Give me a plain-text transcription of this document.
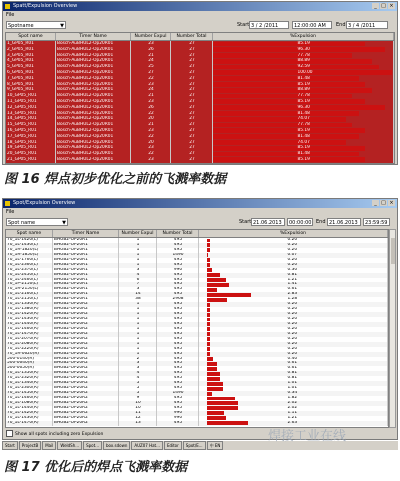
Spatt/Expulsion Overview	_ □ ×
File
Spotname	▼	Start 3 / 2 /2011	12:00:00 AM	End 3 / 4 /2011
Spot name	Timer Name	Number Expul	Number Total	%Expulsion
1_GP05_R01	Bosch-AuBHUL2-Op20R01	23	27	85.19
2_GP05_R01	Bosch-AuBHUL2-Op20R01	26	27	96.30
3_GP05_R01	Bosch-AuBHUL2-Op20R01	21	27	77.78
4_GP05_R01	Bosch-AuBHUL2-Op20R01	24	27	88.89
5_GP05_R01	Bosch-AuBHUL2-Op20R01	25	27	92.59
6_GP05_R01	Bosch-AuBHUL2-Op20R01	27	27	100.00
7_GP05_R01	Bosch-AuBHUL2-Op20R01	22	27	81.48
8_GP05_R01	Bosch-AuBHUL2-Op20R01	23	27	85.19
9_GP05_R01	Bosch-AuBHUL2-Op20R01	24	27	88.89
10_GP05_R01	Bosch-AuBHUL2-Op20R01	21	27	77.78
11_GP05_R01	Bosch-AuBHUL2-Op20R01	23	27	85.19
12_GP05_R01	Bosch-AuBHUL2-Op20R01	26	27	96.30
13_GP05_R01	Bosch-AuBHUL2-Op20R01	22	27	81.48
14_GP05_R01	Bosch-AuBHUL2-Op20R01	20	27	74.07
15_GP05_R01	Bosch-AuBHUL2-Op20R01	21	27	77.78
16_GP05_R01	Bosch-AuBHUL2-Op20R01	23	27	85.19
17_GP05_R01	Bosch-AuBHUL2-Op20R01	22	27	81.48
18_GP05_R01	Bosch-AuBHUL2-Op20R01	20	27	74.07
19_GP05_R01	Bosch-AuBHUL2-Op20R01	23	27	85.19
20_GP05_R01	Bosch-AuBHUL2-Op20R01	22	27	81.48
21_GP05_R01	Bosch-AuBHUL2-Op20R01	23	27	85.19
图 16 焊点初步优化之前的飞溅率数据
Spot/Expulsion Overview	_ □ ×
File
Spot name	▼	Start 21.06.2013	00:00:00 End 21.06.2013	23:59:59
Spot name	Timer Name	Number Expul	Number Total	%Expulsion
70_1L-1420(L)	BHUB2-OP20R1	1	495	0.20
70_1L-1430(L)	BHUB2-OP20R1	1	495	0.20
70_1R-1820(L)	BHUB2-OP20R1	1	495	0.20
70_1R-1850(L)	BHUB2-OP20R1	1	1490	0.07
70_1L-1760(L)	BHUB2-OP20R1	1	495	0.20
70_1L-2360(L)	BHUB2-OP20R1	1	495	0.20
70_1L-2370(L)	BHUB2-OP20R1	3	990	0.30
70_1L-2450(L)	BHUB2-OP20R1	4	495	0.81
70_1L-2460(L)	BHUB2-OP20R1	6	495	1.21
70_1P-2150(L)	BHUB2-OP20R1	7	495	1.41
70_1R-2150(L)	BHUB2-OP20R1	3	495	0.61
70_1L-2160(L)	BHUB2-OP20R1	14	495	2.83
70_1L-2150(L)	BHUB2-OP20R1	38	2968	1.28
70_1L-1330(R)	BHUB2-OP20R2	1	495	0.20
70_1L-1380(R)	BHUB2-OP20R2	1	495	0.20
70_1L-1420(R)	BHUB2-OP20R2	1	495	0.20
70_1L-1430(R)	BHUB2-OP20R2	1	495	0.20
70_1L-1440(R)	BHUB2-OP20R2	1	495	0.20
70_1L-1460(R)	BHUB2-OP20R2	1	495	0.20
70_1L-1470(R)	BHUB2-OP20R2	1	495	0.20
70_1L-2070(R)	BHUB2-OP20R2	1	495	0.20
70_1L-2080(R)	BHUB2-OP20R2	1	495	0.20
70_1L-2220(R)	BHUB2-OP20R2	1	495	0.20
70_1R-0620(R)	BHUB2-OP20R2	1	495	0.20
500-0140(R)	BHUB2-OP20R2	2	495	0.40
500-0640(R)	BHUB2-OP20R2	3	495	0.61
500-0650(R)	BHUB2-OP20R2	3	495	0.61
70_1L-1350(R)	BHUB2-OP20R2	4	495	0.81
70_1L-2320(R)	BHUB2-OP20R2	4	495	0.81
70_1L-1340(R)	BHUB2-OP20R2	5	495	1.01
70_1L-2300(R)	BHUB2-OP20R2	5	495	1.01
70_1L-1450(R)	BHUB2-OP20R2	5	1490	0.34
70_1L-1460(R)	BHUB2-OP20R2	9	495	1.82
70_1L-1080(R)	BHUB2-OP20R2	10	495	2.02
70_1L-1440(R)	BHUB2-OP20R2	10	495	2.02
70_1L-1420(R)	BHUB2-OP20R2	11	990	1.11
70_1L-1430(R)	BHUB2-OP20R2	12	990	1.21
70_1L-1470(R)	BHUB2-OP20R2	13	495	2.63
Show all spots including zero Expulsion
Start	ProjectB	Mail	WeldSh...	Spot...	box.sdown	AUZ07 Hat...	Editor	Spot/E...	中 EN
焊接工业在线
图 17 优化后的焊点飞溅率数据
